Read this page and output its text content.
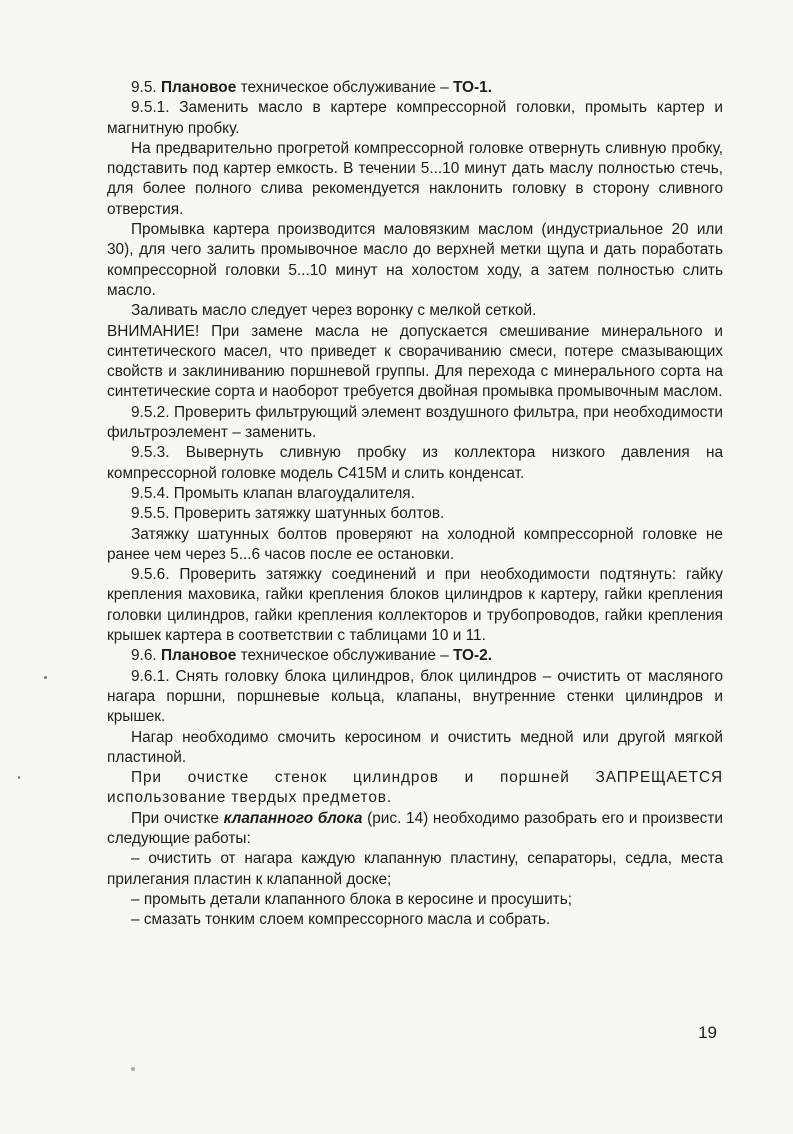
9.5. Плановое техническое обслуживание – ТО-1.

9.5.1. Заменить масло в картере компрессорной головки, промыть картер и магнитную пробку.

На предварительно прогретой компрессорной головке отвернуть сливную пробку, подставить под картер емкость. В течении 5...10 минут дать маслу полностью стечь, для более полного слива рекомендуется наклонить головку в сторону сливного отверстия.

Промывка картера производится маловязким маслом (индустриальное 20 или 30), для чего залить промывочное масло до верхней метки щупа и дать поработать компрессорной головки 5...10 минут на холостом ходу, а затем полностью слить масло.

Заливать масло следует через воронку с мелкой сеткой.

ВНИМАНИЕ! При замене масла не допускается смешивание минерального и синтетического масел, что приведет к сворачиванию смеси, потере смазывающих свойств и заклиниванию поршневой группы. Для перехода с минерального сорта на синтетические сорта и наоборот требуется двойная промывка промывочным маслом.

9.5.2. Проверить фильтрующий элемент воздушного фильтра, при необходимости фильтроэлемент – заменить.

9.5.3. Вывернуть сливную пробку из коллектора низкого давления на компрессорной головке модель С415М и слить конденсат.

9.5.4. Промыть клапан влагоудалителя.

9.5.5. Проверить затяжку шатунных болтов.

Затяжку шатунных болтов проверяют на холодной компрессорной головке не ранее чем через 5...6 часов после ее остановки.

9.5.6. Проверить затяжку соединений и при необходимости подтянуть: гайку крепления маховика, гайки крепления блоков цилиндров к картеру, гайки крепления головки цилиндров, гайки крепления коллекторов и трубопроводов, гайки крепления крышек картера в соответствии с таблицами 10 и 11.

9.6. Плановое техническое обслуживание – ТО-2.

9.6.1. Снять головку блока цилиндров, блок цилиндров – очистить от масляного нагара поршни, поршневые кольца, клапаны, внутренние стенки цилиндров и крышек.

Нагар необходимо смочить керосином и очистить медной или другой мягкой пластиной.

При очистке стенок цилиндров и поршней ЗАПРЕЩАЕТСЯ использование твердых предметов.

При очистке клапанного блока (рис. 14) необходимо разобрать его и произвести следующие работы:

– очистить от нагара каждую клапанную пластину, сепараторы, седла, места прилегания пластин к клапанной доске;

– промыть детали клапанного блока в керосине и просушить;

– смазать тонким слоем компрессорного масла и собрать.

19
